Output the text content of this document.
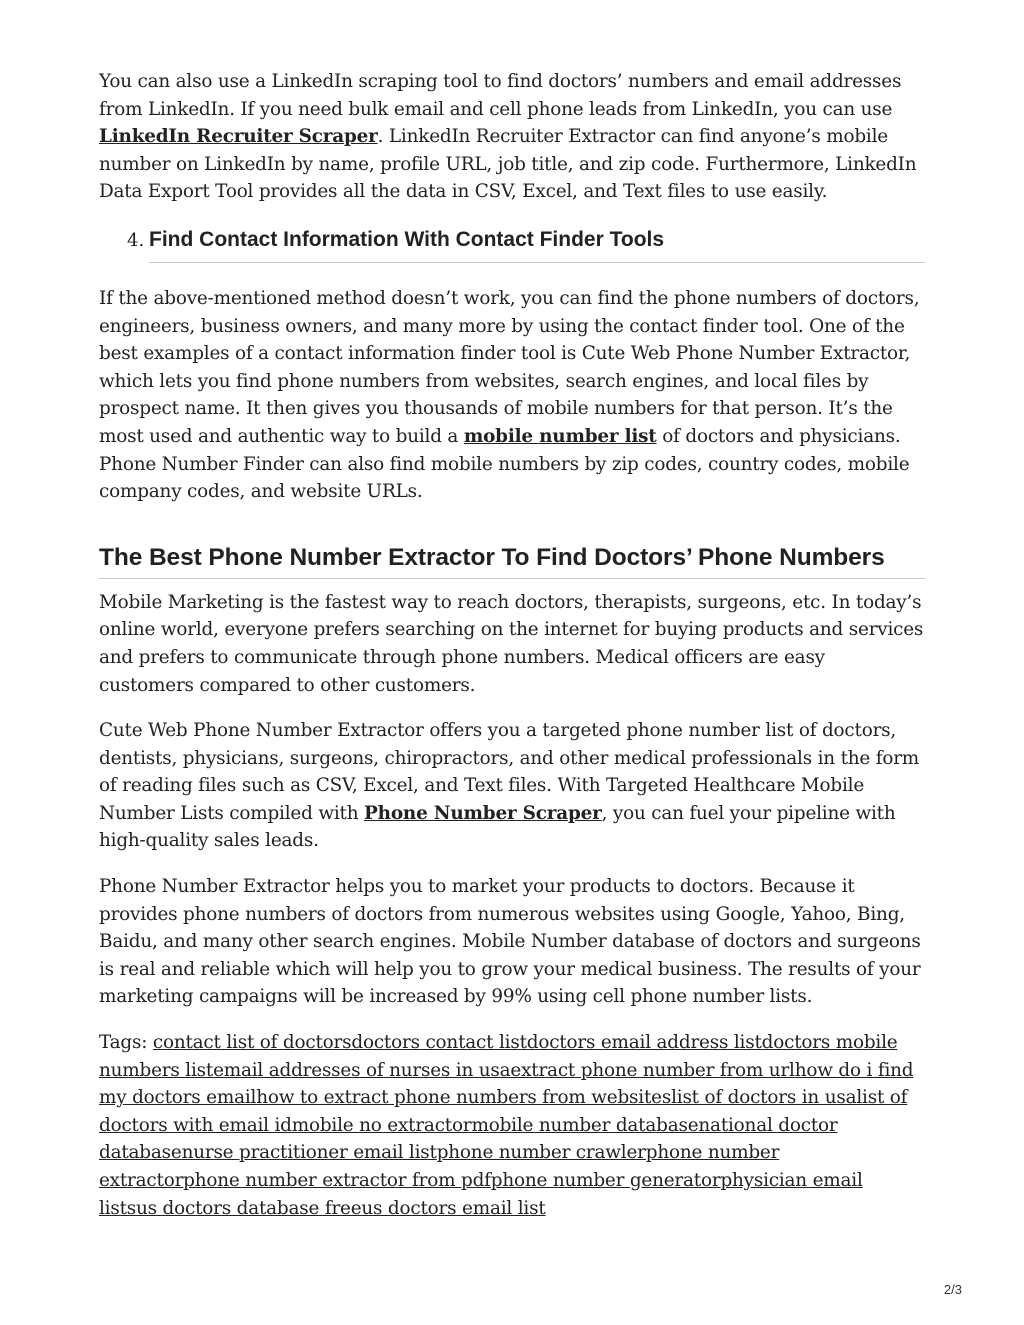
You can also use a LinkedIn scraping tool to find doctors’ numbers and email addresses from LinkedIn. If you need bulk email and cell phone leads from LinkedIn, you can use LinkedIn Recruiter Scraper. LinkedIn Recruiter Extractor can find anyone’s mobile number on LinkedIn by name, profile URL, job title, and zip code. Furthermore, LinkedIn Data Export Tool provides all the data in CSV, Excel, and Text files to use easily.

4. Find Contact Information With Contact Finder Tools

If the above-mentioned method doesn’t work, you can find the phone numbers of doctors, engineers, business owners, and many more by using the contact finder tool. One of the best examples of a contact information finder tool is Cute Web Phone Number Extractor, which lets you find phone numbers from websites, search engines, and local files by prospect name. It then gives you thousands of mobile numbers for that person. It’s the most used and authentic way to build a mobile number list of doctors and physicians. Phone Number Finder can also find mobile numbers by zip codes, country codes, mobile company codes, and website URLs.

The Best Phone Number Extractor To Find Doctors’ Phone Numbers

Mobile Marketing is the fastest way to reach doctors, therapists, surgeons, etc. In today’s online world, everyone prefers searching on the internet for buying products and services and prefers to communicate through phone numbers. Medical officers are easy customers compared to other customers.

Cute Web Phone Number Extractor offers you a targeted phone number list of doctors, dentists, physicians, surgeons, chiropractors, and other medical professionals in the form of reading files such as CSV, Excel, and Text files. With Targeted Healthcare Mobile Number Lists compiled with Phone Number Scraper, you can fuel your pipeline with high-quality sales leads.

Phone Number Extractor helps you to market your products to doctors. Because it provides phone numbers of doctors from numerous websites using Google, Yahoo, Bing, Baidu, and many other search engines. Mobile Number database of doctors and surgeons is real and reliable which will help you to grow your medical business. The results of your marketing campaigns will be increased by 99% using cell phone number lists.

Tags: contact list of doctorsdoctors contact listdoctors email address listdoctors mobile numbers listemail addresses of nurses in usaextract phone number from urlhow do i find my doctors emailhow to extract phone numbers from websiteslist of doctors in usalist of doctors with email idmobile no extractormobile number databasenational doctor databasenurse practitioner email listphone number crawlerphone number extractorphone number extractor from pdfphone number generatorphysician email listsus doctors database freeus doctors email list

2/3
